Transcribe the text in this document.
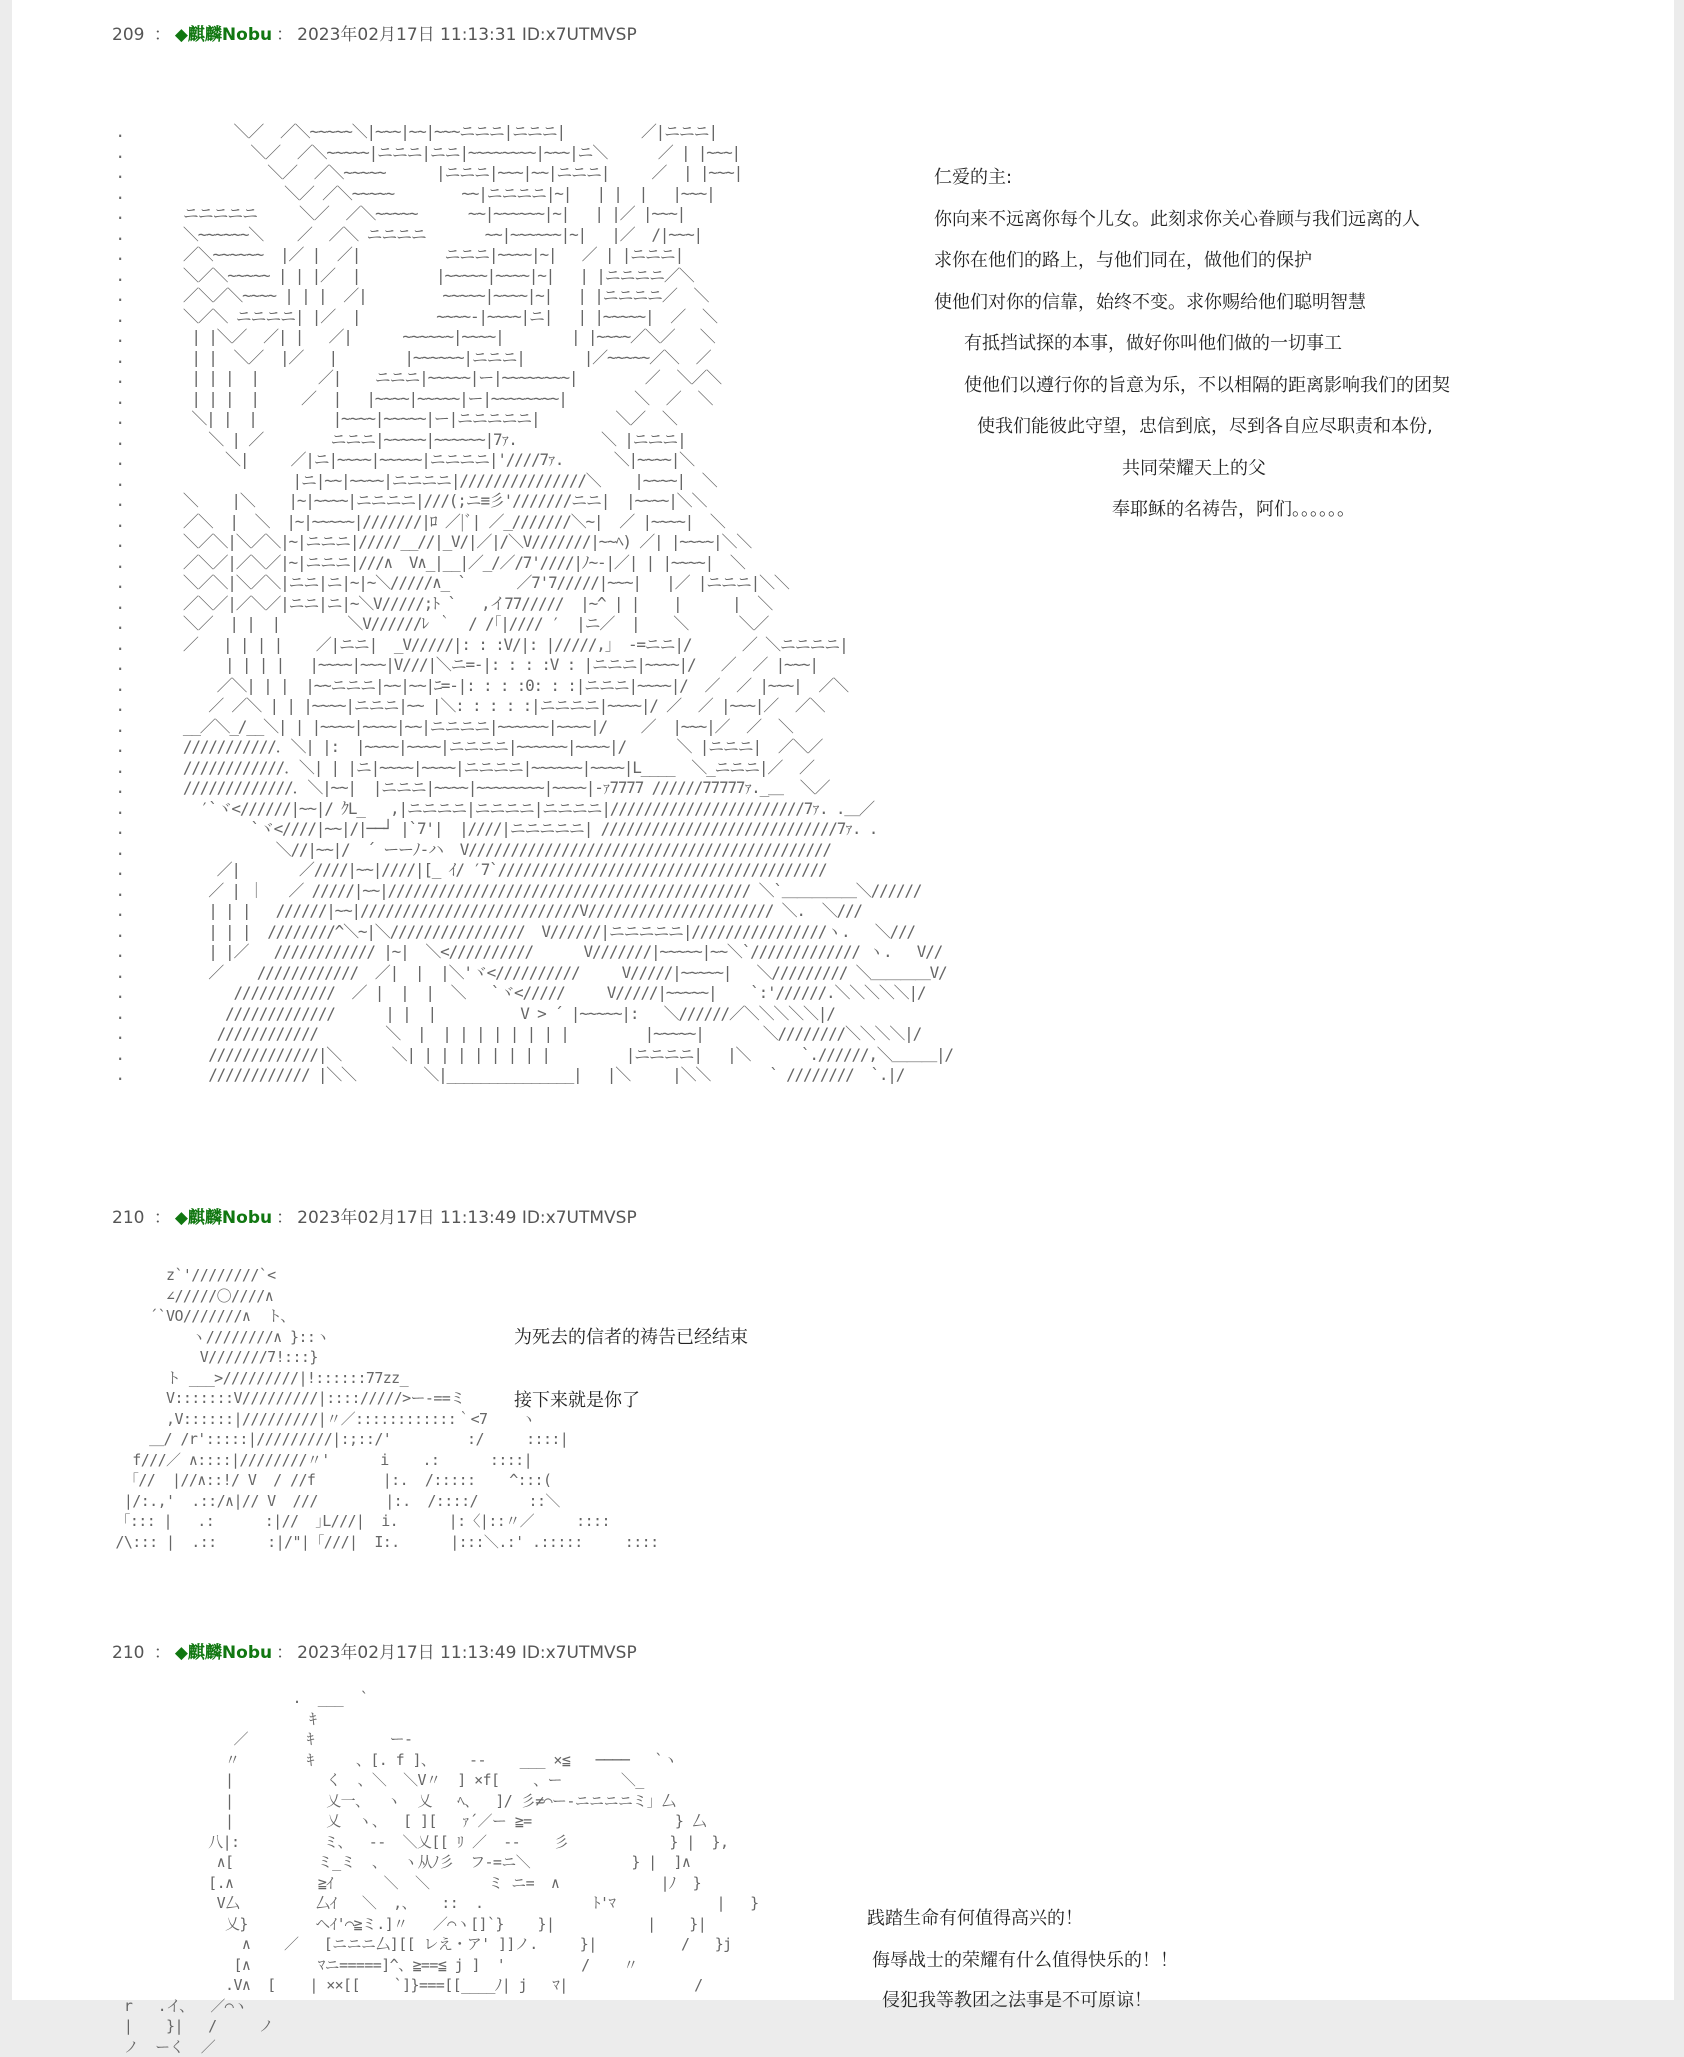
209 ： ◆麒麟Nobu ： 2023年02月17日 11:13:31 ID:x7UTMVSP
.             ＼／  ／＼~~~~~＼|~~~|~~|~~~ニニニ|ニニニ|         ／|ニニニ|
.               ＼／  ／＼~~~~~|ニニニ|ニニ|~~~~~~~~|~~~|ニ＼      ／ | |~~~|
.                 ＼／  ／＼~~~~~      |ニニニ|~~~|~~|ニニニ|     ／  | |~~~|
.                   ＼／ ／＼~~~~~        ~~|ニニニニ|~|   | |  |   |~~~|
.       ニニニニニ     ＼／  ／＼~~~~~      ~~|~~~~~~|~|   | |／ |~~~|
.       ＼~~~~~~＼    ／  ／＼ ニニニニ       ~~|~~~~~~|~|   |／  /|~~~|
.       ／＼~~~~~~  |／ |  ／|          ニニニ|~~~~|~|   ／ | |ニニニ|
.       ＼／＼~~~~~ | | |／  |         |~~~~~|~~~~|~|   | |ニニニニ／＼
.       ／＼／＼~~~~ | | |  ／|         ~~~~~|~~~~|~|   | |ニニニニ／  ＼
.       ＼／＼ ニニニニ| |／  |         ~~~~-|~~~~|ニ|   | |~~~~~|  ／  ＼
.        | |＼／  ／| |   ／|      ~~~~~~|~~~~|        | |~~~~／＼／   ＼
.        | |  ＼／  |／   |        |~~~~~~|ニニニ|       |／~~~~~／＼  ／
.        | | |  |       ／|    ニニニ|~~~~~|ー|~~~~~~~~|        ／  ＼／＼
.        | | |  |     ／  |   |~~~~|~~~~~|ー|~~~~~~~~|        ＼  ／  ＼
.        ＼| |  |         |~~~~|~~~~~|ー|ニニニニニ|         ＼／  ＼
.          ＼ | ／        ニニニ|~~~~~|~~~~~~|7ｧ.          ＼ |ニニニ|
.            ＼|     ／|ニ|~~~~|~~~~~|ニニニニ|'////7ｧ.      ＼|~~~~|＼
.                    |ニ|~~|~~~~|ニニニニ|///////////////＼    |~~~~|  ＼
.       ＼    |＼    |~|~~~~|ニニニニ|///(;ニ≡彡'///////ニニ|  |~~~~|＼＼
.       ／＼  |  ＼  |~|~~~~~|///////|ﾛ ／|ﾞ| ／_///////＼~|  ／ |~~~~|  ＼
.       ＼／＼|＼／＼|~|ニニニ|/////__//|_V/|／|/＼V///////|~~ﾍ) ／| |~~~~|＼＼
.       ／＼／|／＼／|~|ニニニ|///∧  V∧_|__|／_/／/7'////|ﾉ~-|／| | |~~~~|  ＼
.       ＼／＼|＼／＼|ニニ|ニ|~|~＼/////∧_ `      ／7'7/////|~~~|   |／ |ニニニ|＼＼
.       ／＼／|／＼／|ニニ|ニ|~＼V/////;ﾄ `   ,イ77/////  |~^ | |    |      |  ＼
.       ＼／  | |  |        ＼V//////ﾚ ｀  / /｢|//// ′  |ニ／  |    ＼      ＼／
.       ／   | | | |    ／|ニニ|  _V/////|: : :V/|: |/////,」 ‐=ニニ|/      ／ ＼ニニニニ|
.            | | | |   |~~~~|~~~|V///|＼ニ=-|: : : :V : |ニニニ|~~~~|/   ／  ／ |~~~|
.           ／＼| | |  |~~ニニニ|~~|~~|ﾆ=-|: : : :0: : :|ニニニ|~~~~|/  ／  ／ |~~~|  ／＼
.          ／ ／＼ | | |~~~~|ニニニ|~~ |＼: : : : :|ニニニニ|~~~~|/ ／  ／ |~~~|／  ／＼
.       __／＼_/__＼| | |~~~~|~~~~|~~|ニニニニ|~~~~~~|~~~~|/    ／  |~~~|／  ／  ＼
.       ///////////．＼| |:  |~~~~|~~~~|ニニニニ|~~~~~~|~~~~|/      ＼ |ニニニ|  ／＼／
.       ////////////．＼| | |ニ|~~~~|~~~~|ニニニニ|~~~~~~|~~~~|L____  ＼_ニニニ|／  ／
.       /////////////．＼|~~|  |ニニニ|~~~~|~~~~~~~~|~~~~|-ｧ7777 //////77777ｧ._＿  ＼／
.         ′`ヾ<//////|~~|/ ｸL_   ,|ニニニニ|ニニニニ|ニニニニ|///////////////////////7ｧ. .＿／
.               `ヾ<////|~~|/|──┘ |`7'|  |////|ニニニニニ| ////////////////////////////7ｧ. .
.                  ＼//|~~|/  ´ ーーﾉ-ハ  V///////////////////////////////////////////
.           ／|       ／////|~~|////|[_ ｲ/ ′7`///////////////////////////////////////
.          ／ | ｜   ／ /////|~~|/////////////////////////////////////////// ＼`＿＿＿＿＿＼//////
.          | | |   //////|~~|//////////////////////////V////////////////////// ＼.  ＼///
.          | | |  ////////^＼~|＼////////////////  V//////|ニニニニニ|////////////////ヽ.   ＼///
.          | |／   //////////// |~|  ＼<//////////      V///////|~~~~~|~~＼`///////////// ヽ.   V//
.          ／    ////////////  ／|  |  |＼'ヾ<//////////     V/////|~~~~~|   ＼///////// ＼＿＿＿＿V/
.             ////////////  ／ |  |  |  ＼   `ヾ</////     V/////|~~~~~|    `:'//////.＼＼＼＼＼|/
.            /////////////      | |  |          V > ´ |~~~~~|:   ＼//////／＼＼＼＼＼|/
.           ////////////        ＼  |  | | | | | | | |         |~~~~~|       ＼////////＼＼＼＼|/
.          /////////////|＼      ＼| | | | | | | | |         |ニニニニ|   |＼      `.//////,＼＿＿＿|/
.          //////////// |＼＼        ＼|_______________|   |＼     |＼＼       ` ////////  `.|/
仁爱的主:
你向来不远离你每个儿女。此刻求你关心眷顾与我们远离的人
求你在他们的路上，与他们同在，做他们的保护
使他们对你的信靠，始终不变。求你赐给他们聪明智慧
有抵挡试探的本事，做好你叫他们做的一切事工
使他们以遵行你的旨意为乐，不以相隔的距离影响我们的团契
使我们能彼此守望，忠信到底，尽到各自应尽职责和本份,
共同荣耀天上的父
奉耶稣的名祷告，阿们。。。。。。
210 ： ◆麒麟Nobu ： 2023年02月17日 11:13:49 ID:x7UTMVSP
z`'////////`<
∠/////〇////∧
´`VO///////∧  ト、
ヽ////////∧ }::ヽ
V///////7!:::}
ト ___>/////////|!::::::77zz_
V:::::::V/////////|:::://///>ー-==ミ
,V::::::|/////////|〃／::::::::::::｀<7    ヽ
＿/ /r':::::|/////////|:;::/'         :/     ::::|
f///／ ∧::::|////////〃'      i    .:      ::::|
「//  |//∧::!/ V  / //f        |:.  /:::::    ^:::(
|/:.,'  .::/∧|// V  ///        |:.  /::::/      ::＼
「::: |   .:      :|//  ｣L///|  i.      |:〈|::〃／     ::::
/\::: |  .::      :|/"|「///|  I:.      |:::＼.:' .:::::     ::::
为死去的信者的祷告已经结束
接下来就是你了
210 ： ◆麒麟Nobu ： 2023年02月17日 11:13:49 ID:x7UTMVSP
.  ___  `
ｷ
／       ｷ         ー-
〃        ｷ     、[. f ]、    --    ___ ×≦   ────   `ヽ
|           く  、＼  ＼V〃  ] ×f[    、ー       ＼_
|           乂一、  ヽ  乂   ﾍ、  ]/ 彡≠⌒ー-ニニニニミ」厶
|           乂  ヽ、  [ ][   ｧ´／ー ≧=                 } 厶
八|:          ミ、  --  ＼乂[[ ﾘ ／  --    彡            } |  },
∧[          ミ_ミ  、  ヽ从ﾉ彡  フ-=ニ＼            } |  ]∧
[.∧          ≧ｲ      ＼  ＼       ミ ニ=  ∧            |ﾉ  }
V厶         厶ｲ   ＼  ,、   ::  .             ﾄ'ﾏ            |   }
乂}        ヘｲ'⌒≧ミ.]〃   ／⌒ヽ[]`}    }|           |    }|
∧    ／   [ニニニ厶][[ レえ・ア' ]]ノ.     }|          /   }j
[∧        ﾏニ=====]^、≧==≦ j ]  '         /    〃
.V∧  [    | ××[[    `]}===[[____ﾉ| j   ﾏ|               /
r   .イ、  ／⌒ヽ
|    }|   /     ノ
ノ  ーく  ／
践踏生命有何值得高兴的！
侮辱战士的荣耀有什么值得快乐的！！
侵犯我等教团之法事是不可原谅！
